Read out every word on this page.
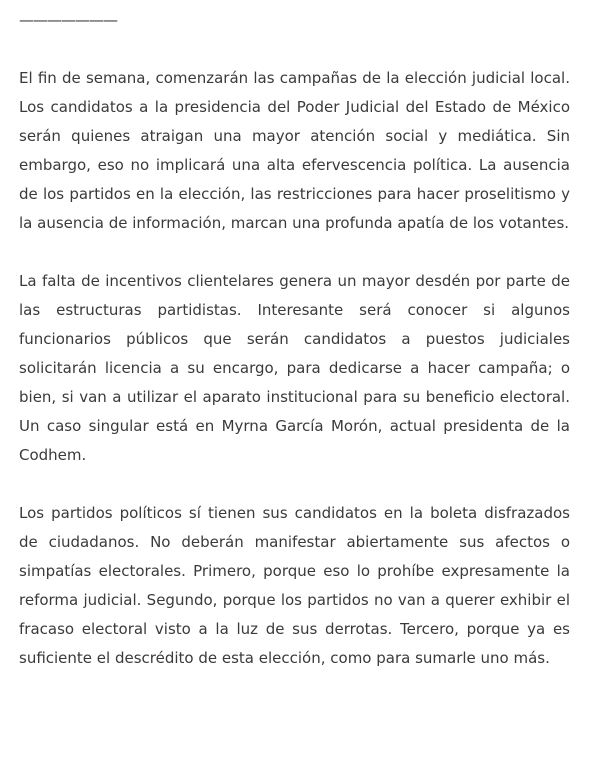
———————

El fin de semana, comenzarán las campañas de la elección judicial local. Los candidatos a la presidencia del Poder Judicial del Estado de México serán quienes atraigan una mayor atención social y mediática. Sin embargo, eso no implicará una alta efervescencia política. La ausencia de los partidos en la elección, las restricciones para hacer proselitismo y la ausencia de información, marcan una profunda apatía de los votantes.

La falta de incentivos clientelares genera un mayor desdén por parte de las estructuras partidistas. Interesante será conocer si algunos funcionarios públicos que serán candidatos a puestos judiciales solicitarán licencia a su encargo, para dedicarse a hacer campaña; o bien, si van a utilizar el aparato institucional para su beneficio electoral. Un caso singular está en Myrna García Morón, actual presidenta de la Codhem.

Los partidos políticos sí tienen sus candidatos en la boleta disfrazados de ciudadanos. No deberán manifestar abiertamente sus afectos o simpatías electorales. Primero, porque eso lo prohíbe expresamente la reforma judicial. Segundo, porque los partidos no van a querer exhibir el fracaso electoral visto a la luz de sus derrotas. Tercero, porque ya es suficiente el descrédito de esta elección, como para sumarle uno más.
